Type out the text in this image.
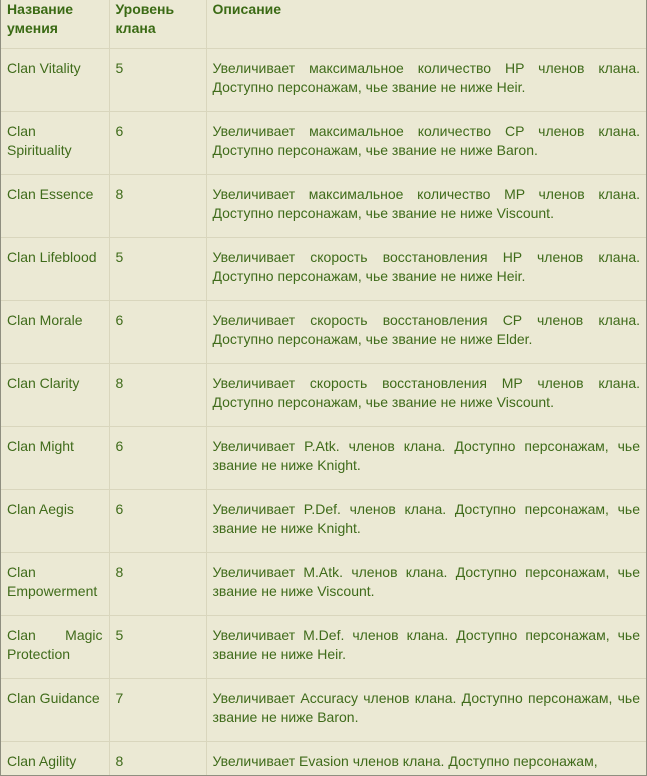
Название умения	Уровень клана	Описание
Clan Vitality	5	Увеличивает максимальное количество HP членов клана. Доступно персонажам, чье звание не ниже Heir.
Clan Spirituality	6	Увеличивает максимальное количество CP членов клана. Доступно персонажам, чье звание не ниже Baron.
Clan Essence	8	Увеличивает максимальное количество MP членов клана. Доступно персонажам, чье звание не ниже Viscount.
Clan Lifeblood	5	Увеличивает скорость восстановления HP членов клана. Доступно персонажам, чье звание не ниже Heir.
Clan Morale	6	Увеличивает скорость восстановления CP членов клана. Доступно персонажам, чье звание не ниже Elder.
Clan Clarity	8	Увеличивает скорость восстановления MP членов клана. Доступно персонажам, чье звание не ниже Viscount.
Clan Might	6	Увеличивает P.Atk. членов клана. Доступно персонажам, чье звание не ниже Knight.
Clan Aegis	6	Увеличивает P.Def. членов клана. Доступно персонажам, чье звание не ниже Knight.
Clan Empowerment	8	Увеличивает M.Atk. членов клана. Доступно персонажам, чье звание не ниже Viscount.

Clan Magic Protection	5	Увеличивает M.Def. членов клана. Доступно персонажам, чье звание не ниже Heir.

Clan Guidance	7	Увеличивает Accuracy членов клана. Доступно персонажам, чье звание не ниже Baron.
Clan Agility	8	Увеличивает Evasion членов клана. Доступно персонажам,
